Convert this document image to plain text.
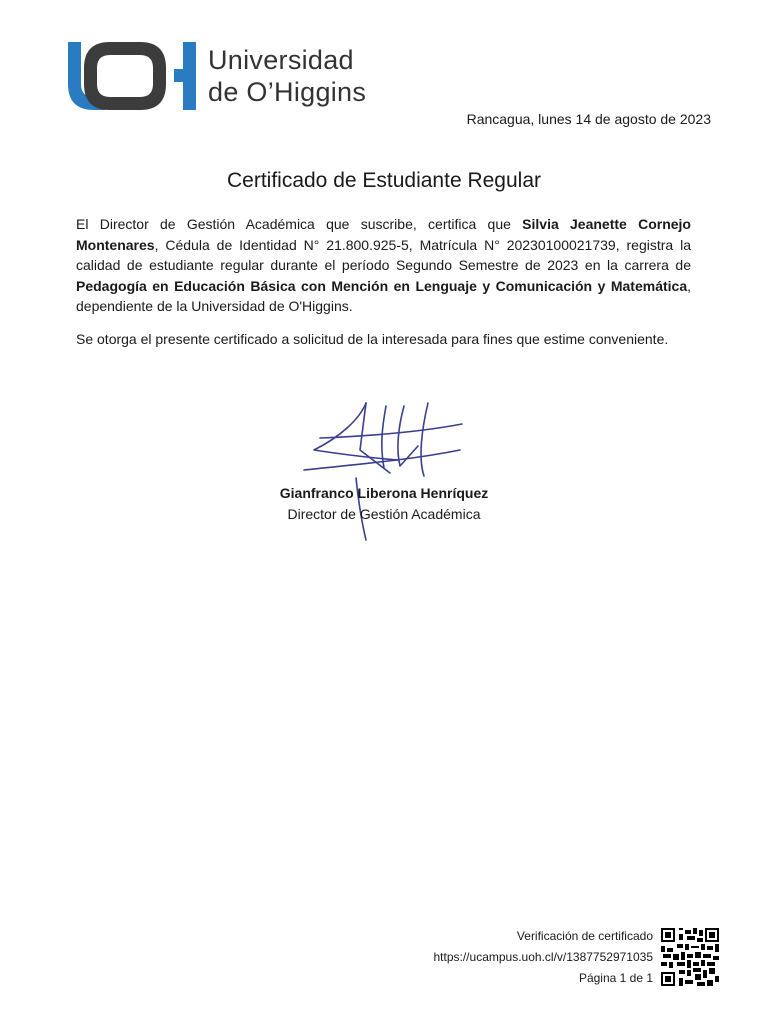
Universidad
de O’Higgins
Rancagua, lunes 14 de agosto de 2023
Certificado de Estudiante Regular

El Director de Gestión Académica que suscribe, certifica que Silvia Jeanette Cornejo Montenares, Cédula de Identidad N° 21.800.925-5, Matrícula N° 20230100021739, registra la calidad de estudiante regular durante el período Segundo Semestre de 2023 en la carrera de Pedagogía en Educación Básica con Mención en Lenguaje y Comunicación y Matemática, dependiente de la Universidad de O'Higgins.

Se otorga el presente certificado a solicitud de la interesada para fines que estime conveniente.

Gianfranco Liberona Henríquez
Director de Gestión Académica
Verificación de certificado
https://ucampus.uoh.cl/v/1387752971035
Página 1 de 1
